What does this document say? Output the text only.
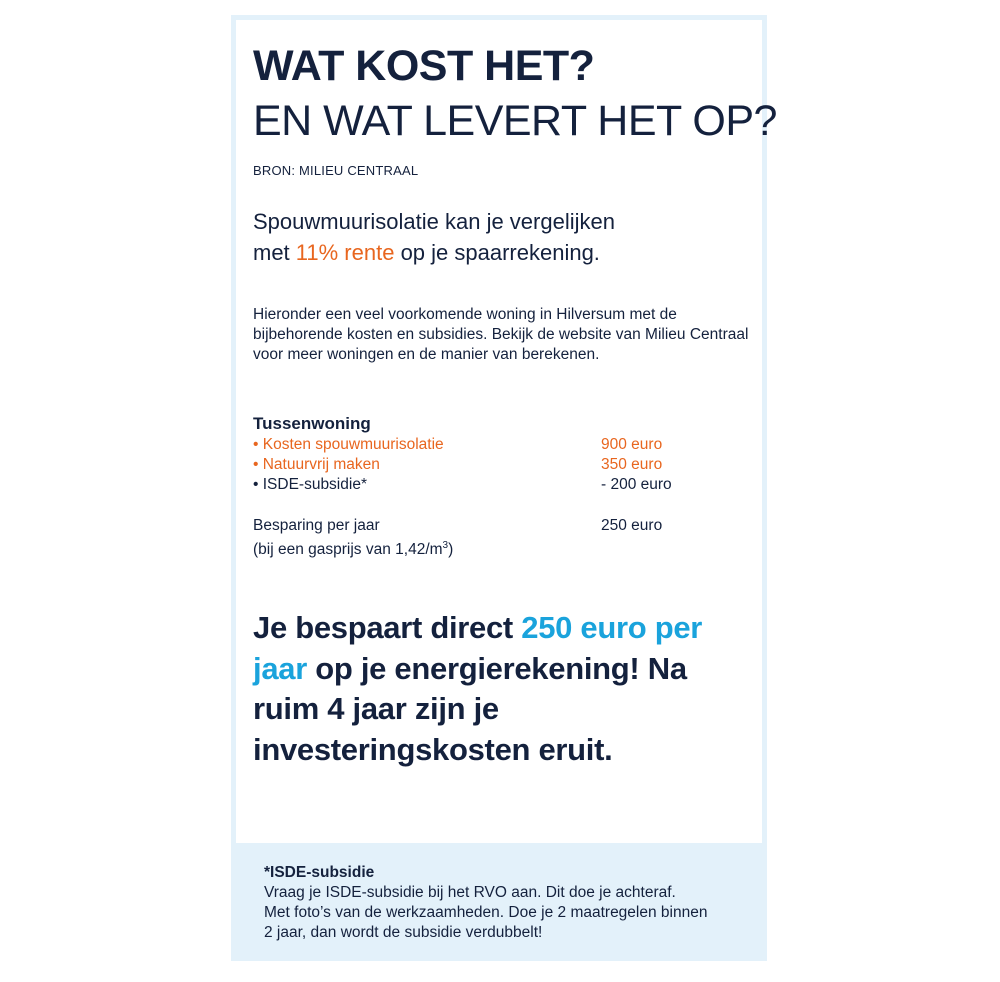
WAT KOST HET?
EN WAT LEVERT HET OP?
BRON: MILIEU CENTRAAL
Spouwmuurisolatie kan je vergelijken
met 11% rente op je spaarrekening.
Hieronder een veel voorkomende woning in Hilversum met de bijbehorende kosten en subsidies. Bekijk de website van Milieu Centraal voor meer woningen en de manier van berekenen.
Tussenwoning
• Kosten spouwmuurisolatie	900 euro
• Natuurvrij maken	350 euro
• ISDE-subsidie*	- 200 euro
Besparing per jaar	250 euro
(bij een gasprijs van $1,42/m^3$)
Je bespaart direct 250 euro per jaar op je energierekening! Na ruim 4 jaar zijn je investeringskosten eruit.
*ISDE-subsidie
Vraag je ISDE-subsidie bij het RVO aan. Dit doe je achteraf.
Met foto’s van de werkzaamheden. Doe je 2 maatregelen binnen
2 jaar, dan wordt de subsidie verdubbelt!
